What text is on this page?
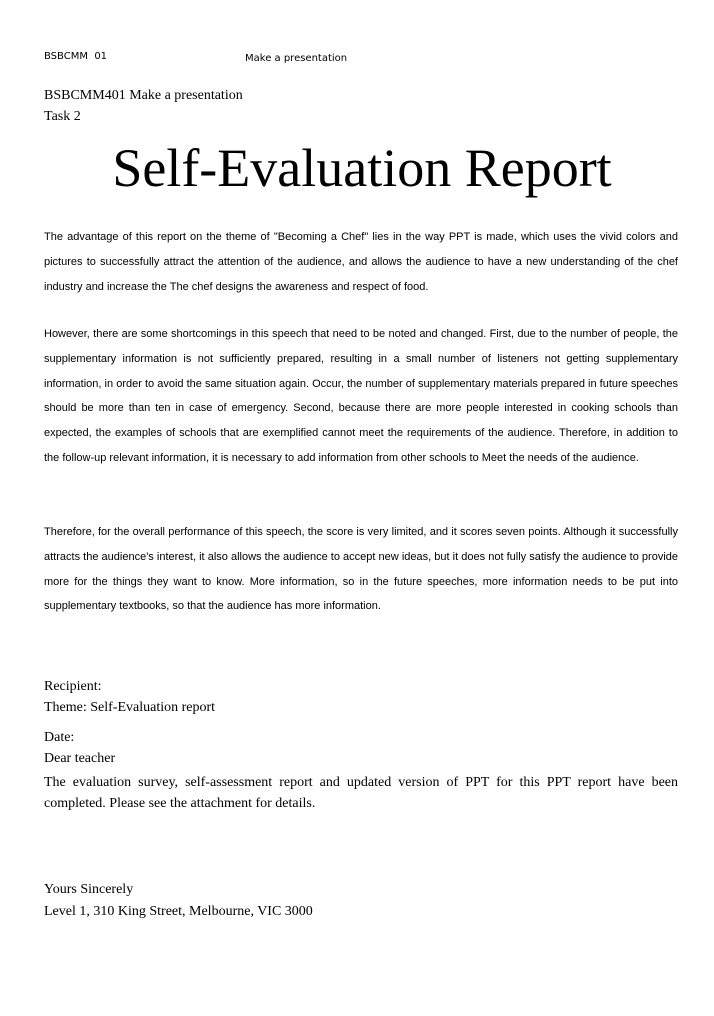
BSBCMM  01	Make a presentation
BSBCMM401 Make a presentation
Task 2
Self-Evaluation Report

The advantage of this report on the theme of "Becoming a Chef" lies in the way PPT is made, which uses the vivid colors and pictures to successfully attract the attention of the audience, and allows the audience to have a new understanding of the chef industry and increase the The chef designs the awareness and respect of food.

However, there are some shortcomings in this speech that need to be noted and changed. First, due to the number of people, the supplementary information is not sufficiently prepared, resulting in a small number of listeners not getting supplementary information, in order to avoid the same situation again. Occur, the number of supplementary materials prepared in future speeches should be more than ten in case of emergency. Second, because there are more people interested in cooking schools than expected, the examples of schools that are exemplified cannot meet the requirements of the audience. Therefore, in addition to the follow-up relevant information, it is necessary to add information from other schools to Meet the needs of the audience.

Therefore, for the overall performance of this speech, the score is very limited, and it scores seven points. Although it successfully attracts the audience's interest, it also allows the audience to accept new ideas, but it does not fully satisfy the audience to provide more for the things they want to know. More information, so in the future speeches, more information needs to be put into supplementary textbooks, so that the audience has more information.

Recipient:
Theme: Self-Evaluation report
Date:
Dear teacher

The evaluation survey, self-assessment report and updated version of PPT for this PPT report have been completed. Please see the attachment for details.

Yours Sincerely
Level 1, 310 King Street, Melbourne, VIC 3000
